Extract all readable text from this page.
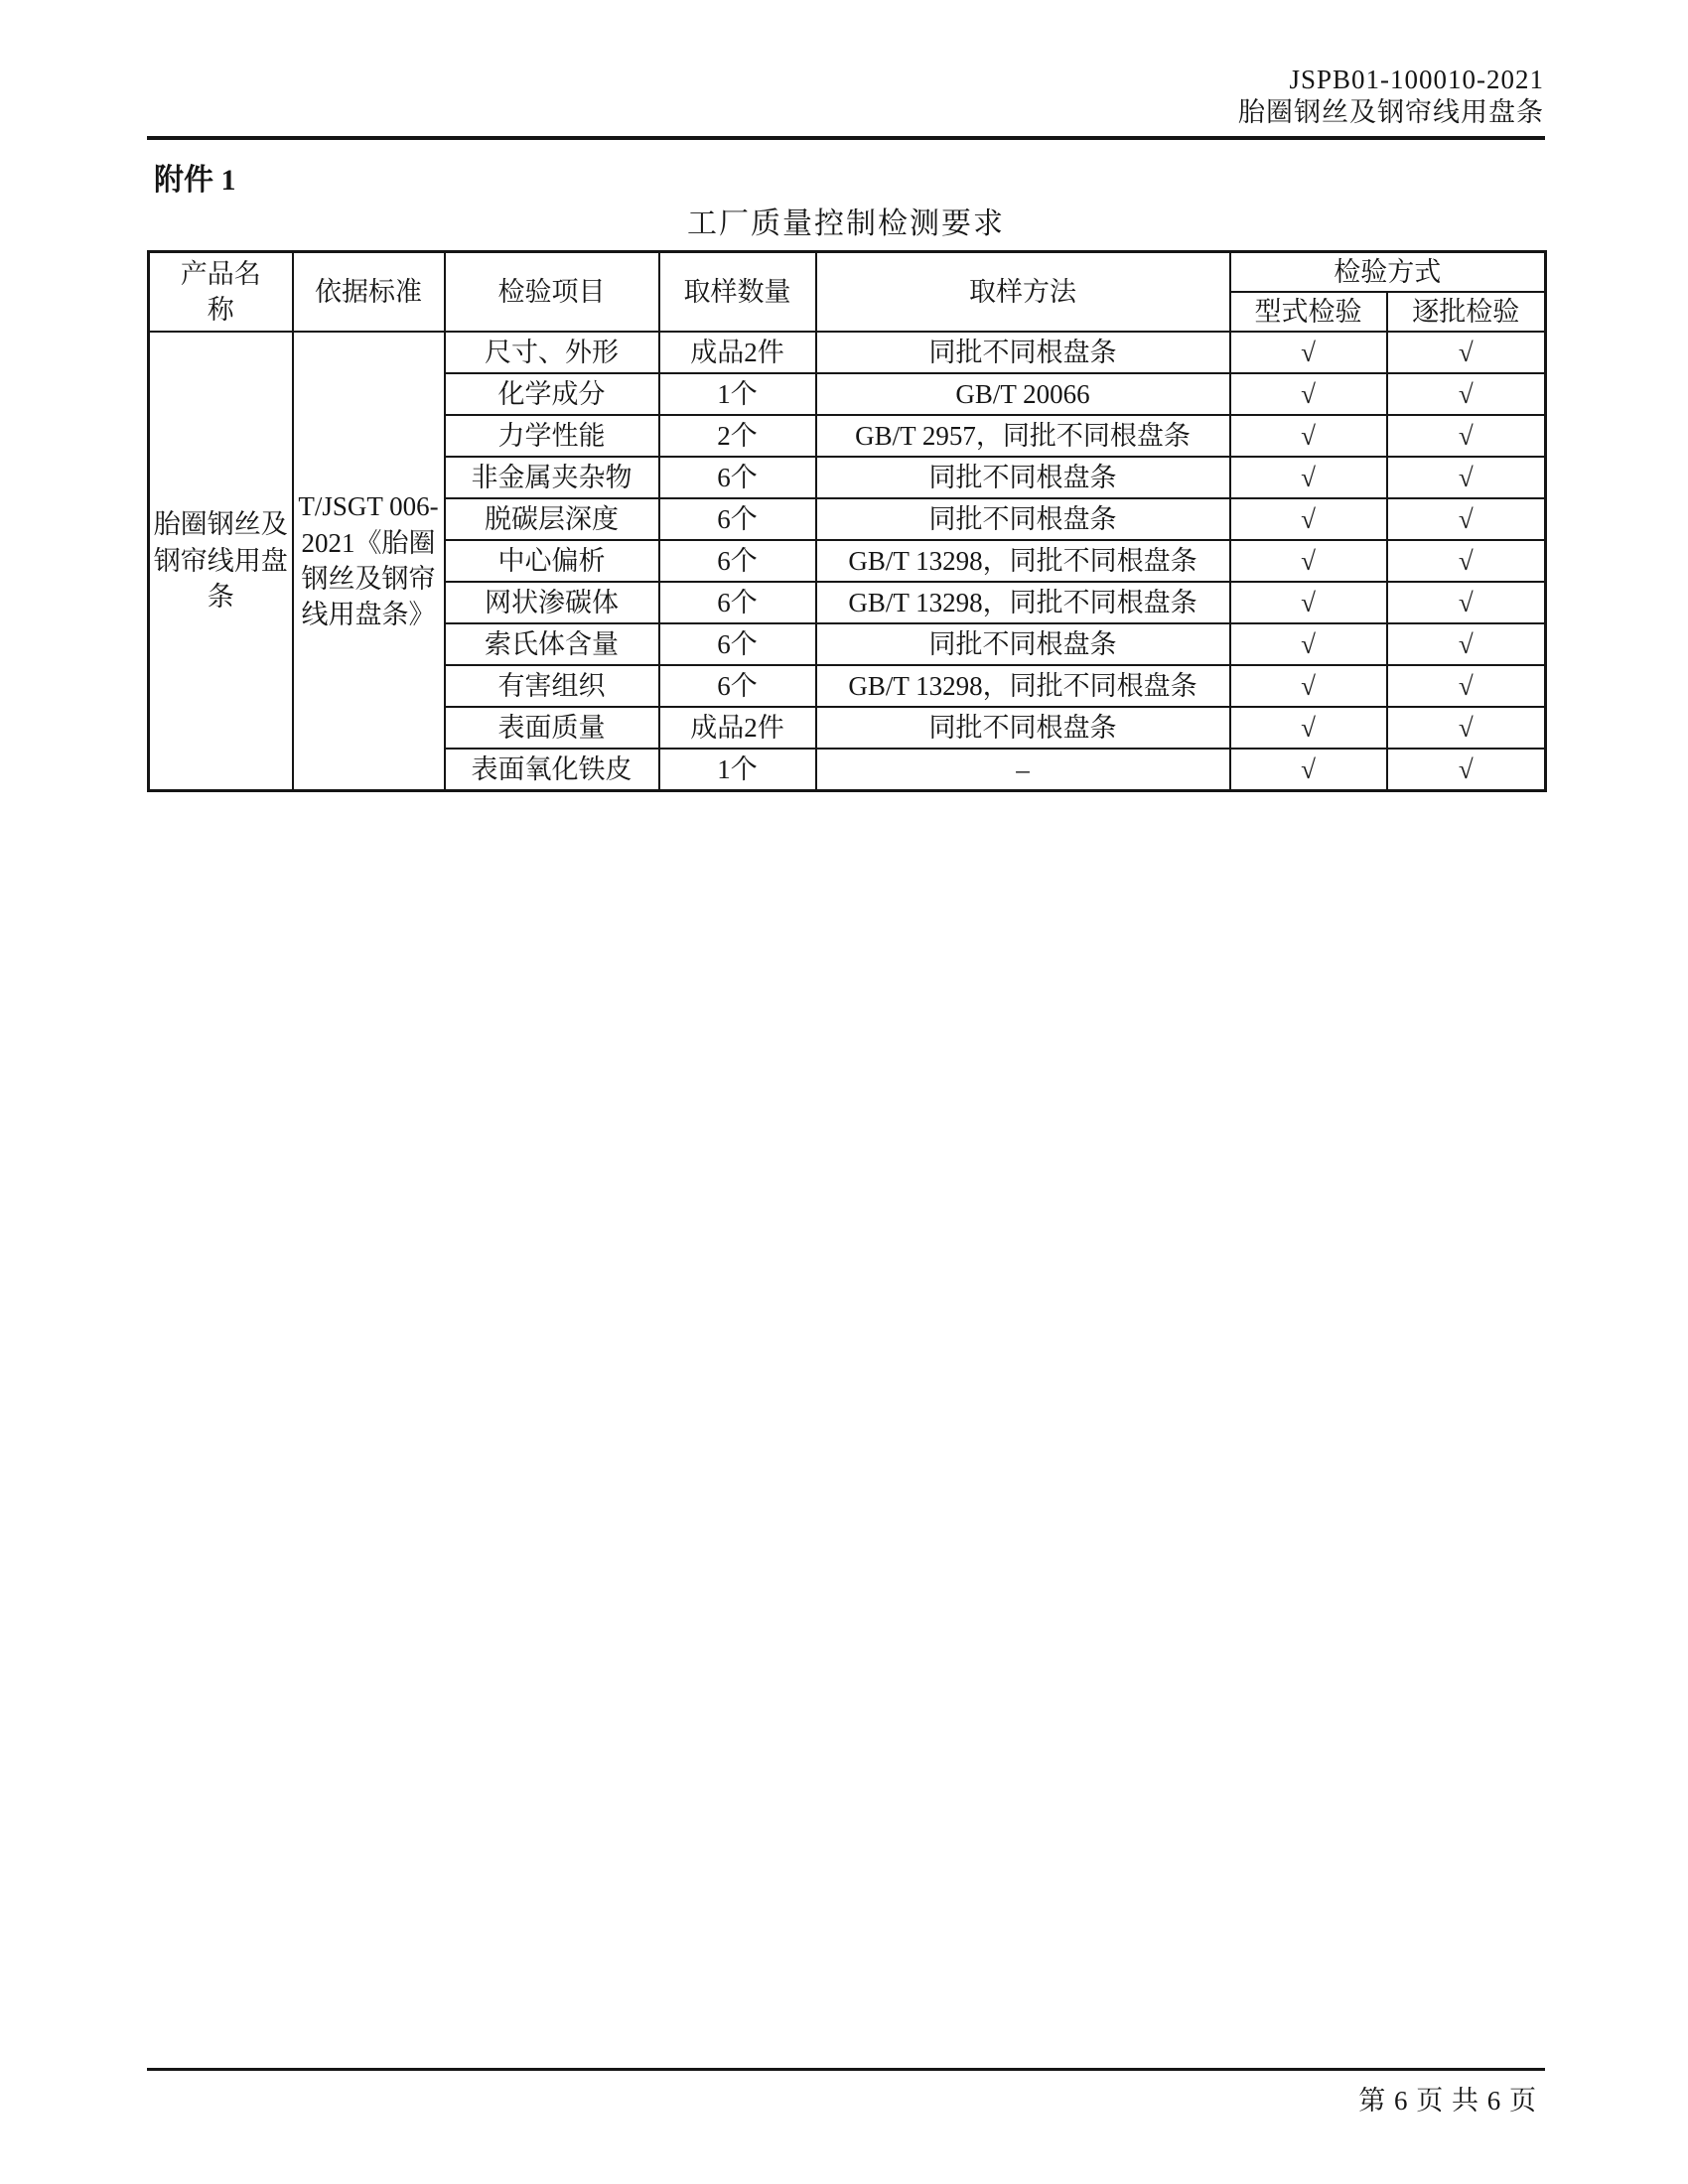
JSPB01-100010-2021
胎圈钢丝及钢帘线用盘条
附件 1
工厂质量控制检测要求
产品名称	依据标准	检验项目	取样数量	取样方法	检验方式	
					型式检验	逐批检验
胎圈钢丝及钢帘线用盘条	T/JSGT 006-2021《胎圈钢丝及钢帘线用盘条》	尺寸、外形	成品2件	同批不同根盘条	√	√
		化学成分	1个	GB/T 20066	√	√
		力学性能	2个	GB/T 2957，同批不同根盘条	√	√
		非金属夹杂物	6个	同批不同根盘条	√	√
		脱碳层深度	6个	同批不同根盘条	√	√
		中心偏析	6个	GB/T 13298，同批不同根盘条	√	√
		网状渗碳体	6个	GB/T 13298，同批不同根盘条	√	√
		索氏体含量	6个	同批不同根盘条	√	√
		有害组织	6个	GB/T 13298，同批不同根盘条	√	√
		表面质量	成品2件	同批不同根盘条	√	√
		表面氧化铁皮	1个	–	√	√
第 6 页 共 6 页
